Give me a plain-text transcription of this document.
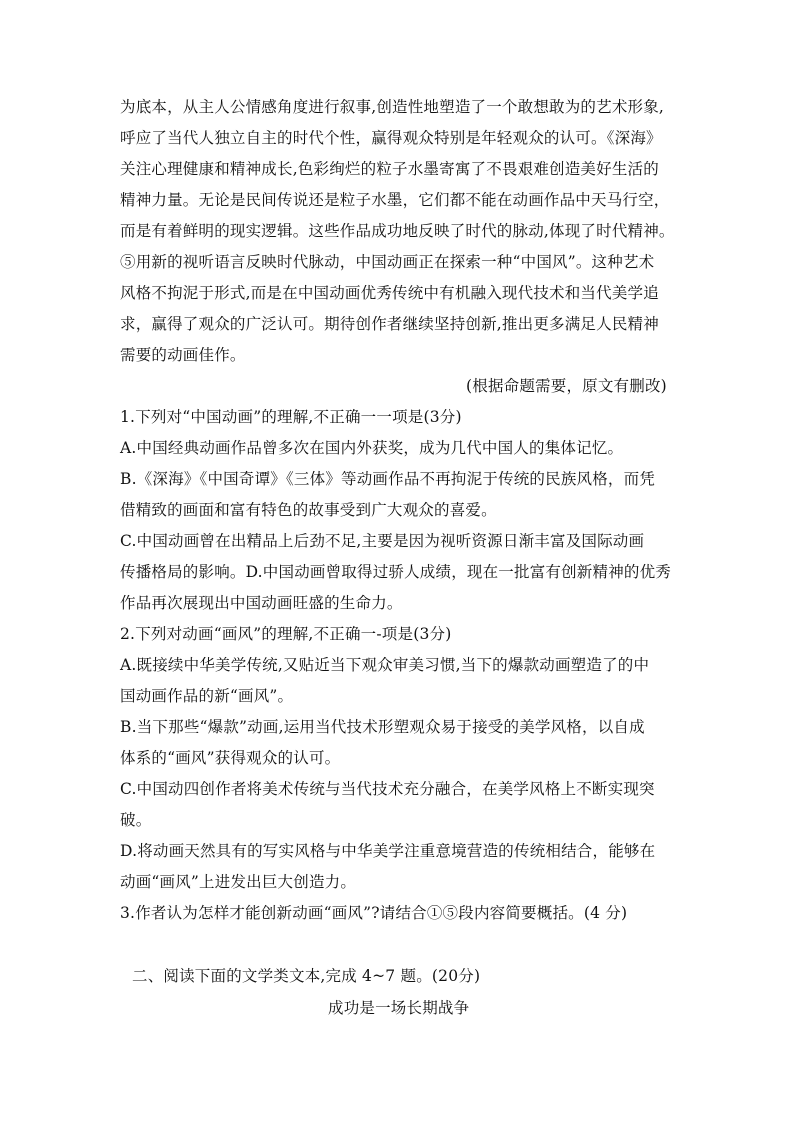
为底本，从主人公情感角度进行叙事,创造性地塑造了一个敢想敢为的艺术形象,
呼应了当代人独立自主的时代个性，赢得观众特别是年轻观众的认可。《深海》
关注心理健康和精神成长,色彩绚烂的粒子水墨寄寓了不畏艰难创造美好生活的
精神力量。无论是民间传说还是粒子水墨，它们都不能在动画作品中天马行空，
而是有着鲜明的现实逻辑。这些作品成功地反映了时代的脉动,体现了时代精神。
⑤用新的视听语言反映时代脉动，中国动画正在探索一种“中国风”。这种艺术
风格不拘泥于形式,而是在中国动画优秀传统中有机融入现代技术和当代美学追
求，赢得了观众的广泛认可。期待创作者继续坚持创新,推出更多满足人民精神
需要的动画佳作。
(根据命题需要，原文有删改)
1.下列对“中国动画”的理解,不正确一一项是(3分)
A.中国经典动画作品曾多次在国内外获奖，成为几代中国人的集体记忆。
B.《深海》《中国奇谭》《三体》等动画作品不再拘泥于传统的民族风格，而凭
借精致的画面和富有特色的故事受到广大观众的喜爱。
C.中国动画曾在出精品上后劲不足,主要是因为视听资源日渐丰富及国际动画
传播格局的影响。D.中国动画曾取得过骄人成绩，现在一批富有创新精神的优秀
作品再次展现出中国动画旺盛的生命力。
2.下列对动画“画风”的理解,不正确一-项是(3分)
A.既接续中华美学传统,又贴近当下观众审美习惯,当下的爆款动画塑造了的中
国动画作品的新“画风”。
B.当下那些“爆款”动画,运用当代技术形塑观众易于接受的美学风格，以自成
体系的“画风”获得观众的认可。
C.中国动四创作者将美术传统与当代技术充分融合，在美学风格上不断实现突
破。
D.将动画天然具有的写实风格与中华美学注重意境营造的传统相结合，能够在
动画“画风”上进发出巨大创造力。
3.作者认为怎样才能创新动画“画风”?请结合①⑤段内容简要概括。(4 分)
二、阅读下面的文学类文本,完成 4~7 题。(20分)
成功是一场长期战争
